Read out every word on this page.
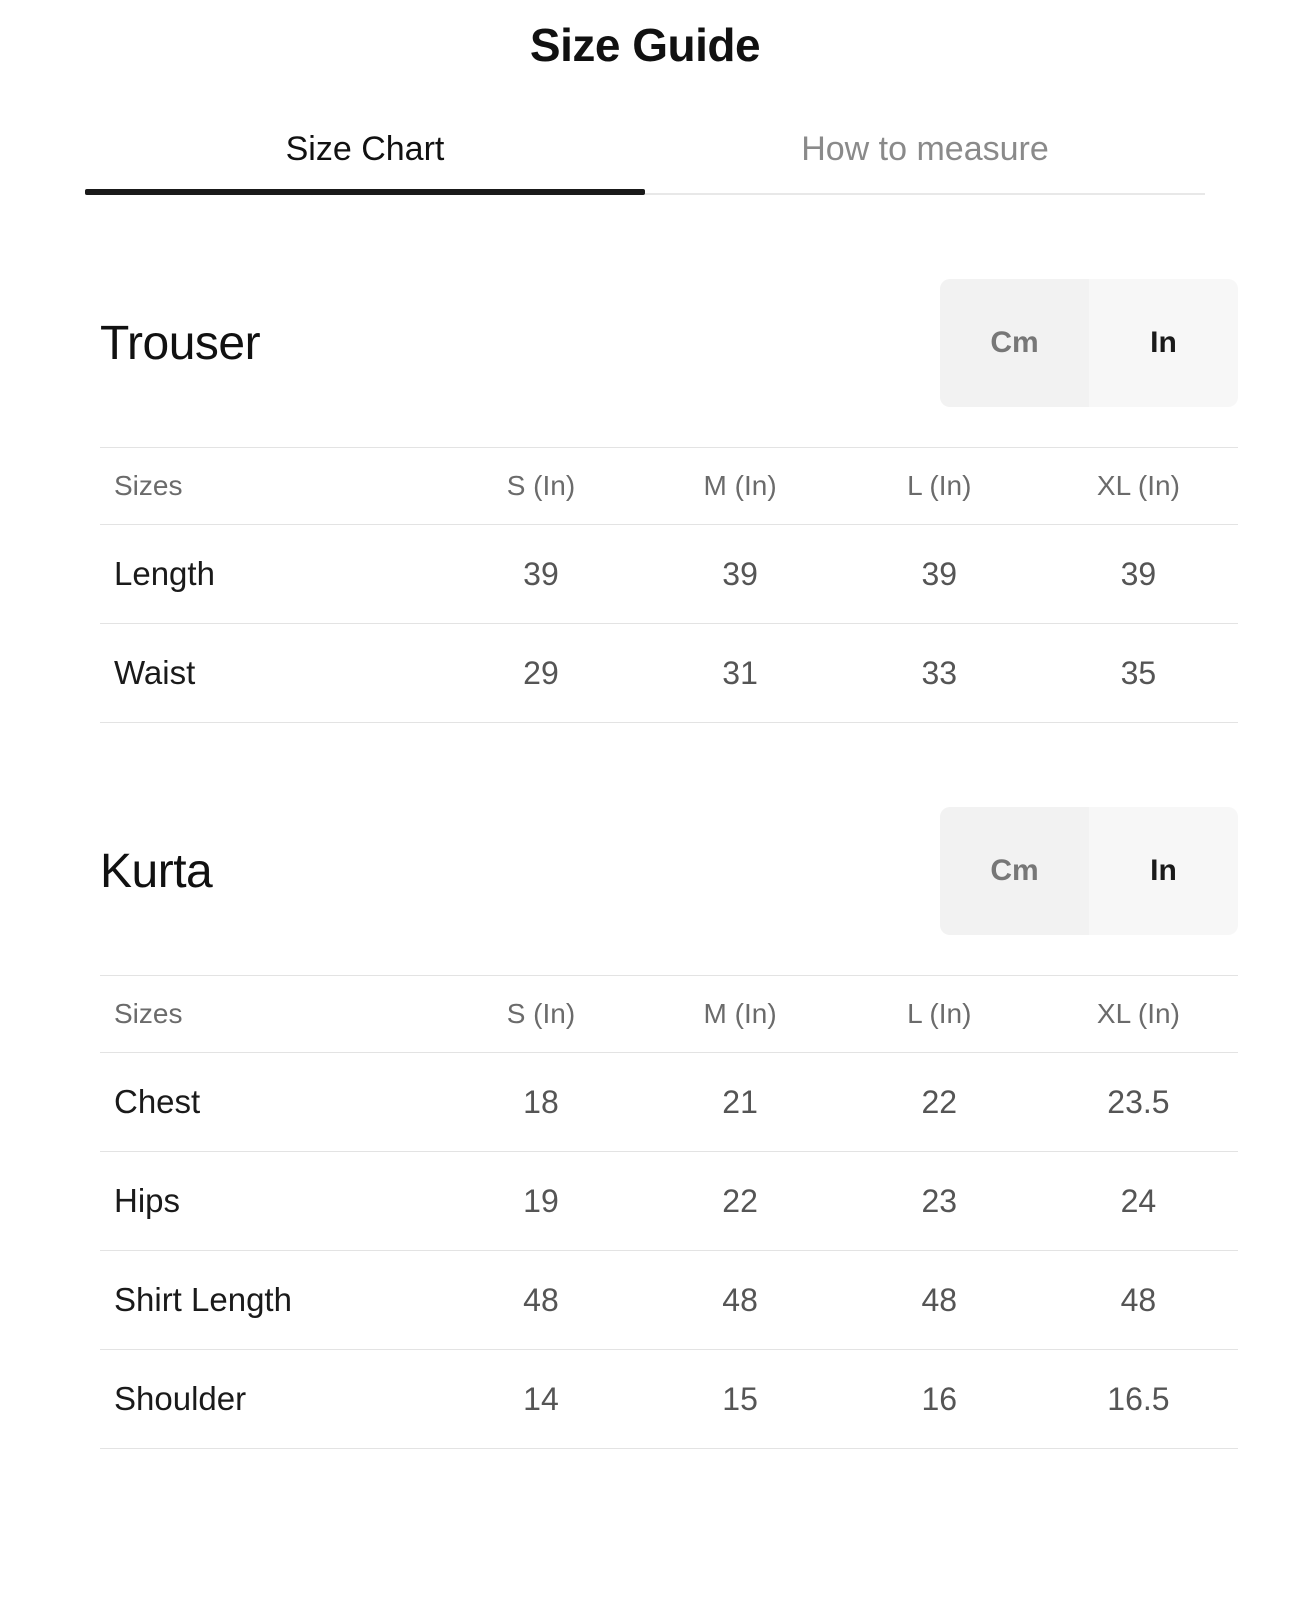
Size Guide
Size Chart	How to measure
Trouser	Cm	In
Sizes	S (In)	M (In)	L (In)	XL (In)
Length	39	39	39	39
Waist	29	31	33	35
Kurta	Cm	In
Sizes	S (In)	M (In)	L (In)	XL (In)
Chest	18	21	22	23.5
Hips	19	22	23	24
Shirt Length	48	48	48	48
Shoulder	14	15	16	16.5
